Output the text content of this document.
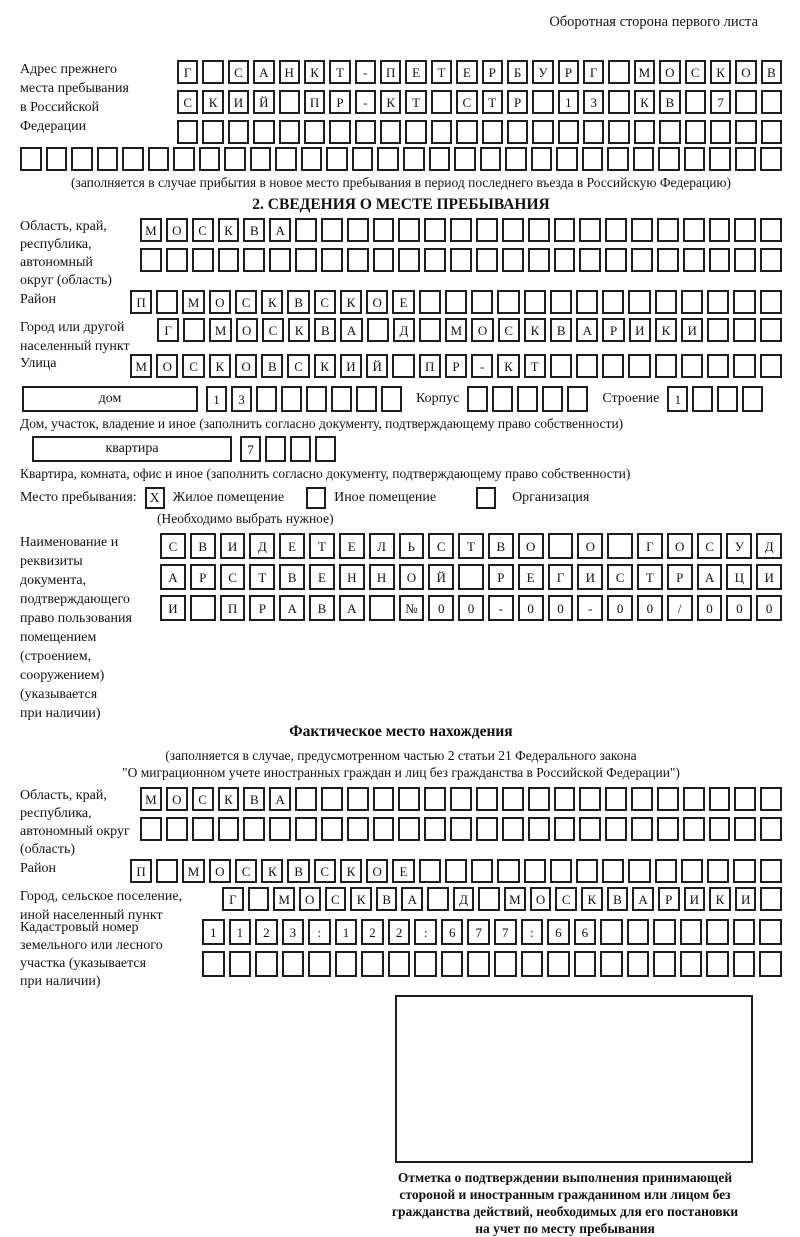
Оборотная сторона первого листа
Адрес прежнего
места пребывания
в Российской
Федерации
Г	С	А	Н	К	Т	-	П	Е	Т	Е	Р	Б	У	Р	Г	М	О	С	К	О	В
С	К	И	Й	П	Р	-	К	Т	С	Т	Р	1	3	К	В	7
(заполняется в случае прибытия в новое место пребывания в период последнего въезда в Российскую Федерацию)
2. СВЕДЕНИЯ О МЕСТЕ ПРЕБЫВАНИЯ
Область, край,
республика,
автономный
округ (область)
М	О	С	К	В	А
Район	П	М	О	С	К	В	С	К	О	Е
Город или другой
населенный пункт
Г	М	О	С	К	В	А	Д	М	О	С	К	В	А	Р	И	К	И
Улица	М	О	С	К	О	В	С	К	И	Й	П	Р	-	К	Т
дом	1	3	Корпус	Строение	1
Дом, участок, владение и иное (заполнить согласно документу, подтверждающему право собственности)
квартира	7
Квартира, комната, офис и иное (заполнить согласно документу, подтверждающему право собственности)
Место пребывания: X Жилое помещение	Иное помещение	Организация
(Необходимо выбрать нужное)
Наименование и реквизиты
документа, подтверждающего
право пользования
помещением (строением,
сооружением) (указывается
при наличии)
С	В	И	Д	Е	Т	Е	Л	Ь	С	Т	В	О	О	Г	О	С	У	Д
А	Р	С	Т	В	Е	Н	Н	О	Й	Р	Е	Г	И	С	Т	Р	А	Ц	И
И	П	Р	А	В	А	№	0	0	-	0	0	-	0	0	/	0	0	0
Фактическое место нахождения
(заполняется в случае, предусмотренном частью 2 статьи 21 Федерального закона
"О миграционном учете иностранных граждан и лиц без гражданства в Российской Федерации")
Область, край,
республика,
автономный округ
(область)
М	О	С	К	В	А
Район	П	М	О	С	К	В	С	К	О	Е
Город, сельское поселение,
иной населенный пункт
Г	М	О	С	К	В	А	Д	М	О	С	К	В	А	Р	И	К	И
Кадастровый номер
земельного или лесного
участка (указывается
при наличии)
1	1	2	3	:	1	2	2	:	6	7	7	:	6	6
Отметка о подтверждении выполнения принимающей
стороной и иностранным гражданином или лицом без
гражданства действий, необходимых для его постановки
на учет по месту пребывания
